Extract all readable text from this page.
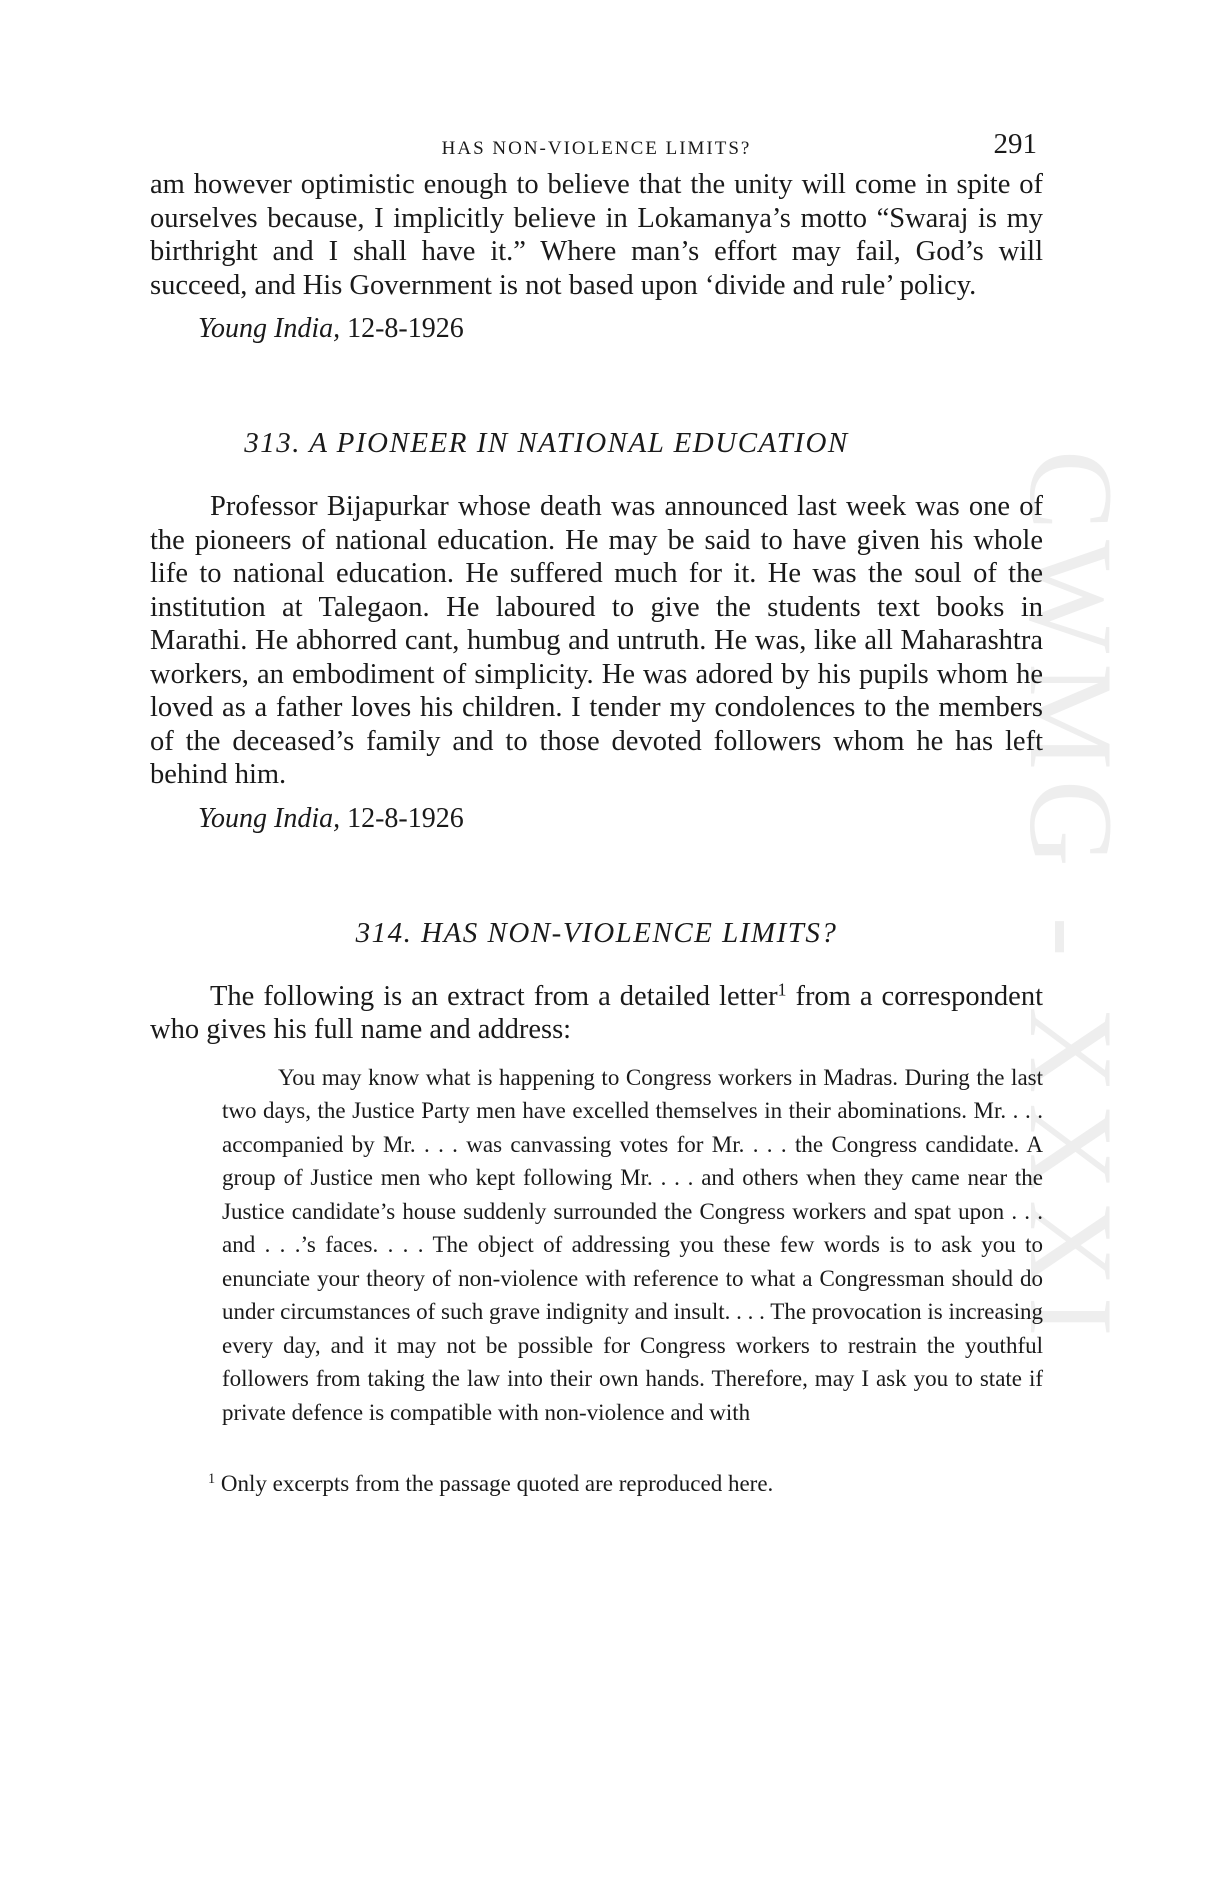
CWMG - XXXI
HAS NON-VIOLENCE LIMITS?	291

am however optimistic enough to believe that the unity will come in spite of ourselves because, I implicitly believe in Lokamanya’s motto “Swaraj is my birthright and I shall have it.” Where man’s effort may fail, God’s will succeed, and His Government is not based upon ‘divide and rule’ policy.

Young India, 12-8-1926
313. A PIONEER IN NATIONAL EDUCATION

Professor Bijapurkar whose death was announced last week was one of the pioneers of national education. He may be said to have given his whole life to national education. He suffered much for it. He was the soul of the institution at Talegaon. He laboured to give the students text books in Marathi. He abhorred cant, humbug and untruth. He was, like all Maharashtra workers, an embodiment of simplicity. He was adored by his pupils whom he loved as a father loves his children. I tender my condolences to the members of the deceased’s family and to those devoted followers whom he has left behind him.

Young India, 12-8-1926
314. HAS NON-VIOLENCE LIMITS?

The following is an extract from a detailed letter$^1$ from a correspondent who gives his full name and address:

You may know what is happening to Congress workers in Madras. During the last two days, the Justice Party men have excelled themselves in their abominations. Mr. . . . accompanied by Mr. . . . was canvassing votes for Mr. . . . the Congress candidate. A group of Justice men who kept following Mr. . . . and others when they came near the Justice candidate’s house suddenly surrounded the Congress workers and spat upon . . . and . . .’s faces. . . . The object of addressing you these few words is to ask you to enunciate your theory of non-violence with reference to what a Congressman should do under circumstances of such grave indignity and insult. . . . The provocation is increasing every day, and it may not be possible for Congress workers to restrain the youthful followers from taking the law into their own hands. Therefore, may I ask you to state if private defence is compatible with non-violence and with

$^1$ Only excerpts from the passage quoted are reproduced here.
